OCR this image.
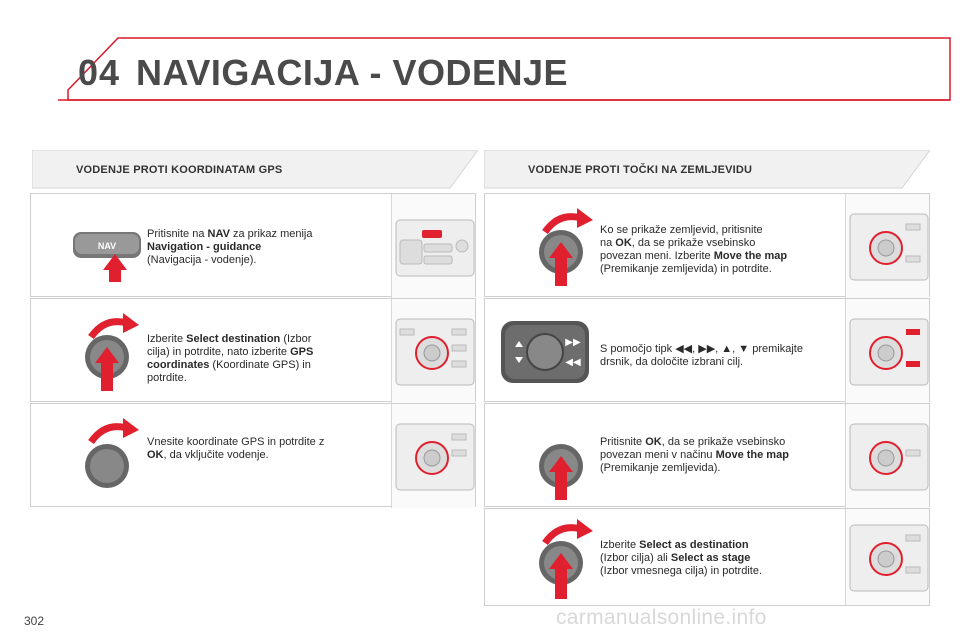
04 NAVIGACIJA - VODENJE
VODENJE PROTI KOORDINATAM GPS	VODENJE PROTI TOČKI NA ZEMLJEVIDU
NAV
Pritisnite na NAV za prikaz menija
Navigation - guidance
(Navigacija - vodenje).
Izberite Select destination (Izbor
cilja) in potrdite, nato izberite GPS
coordinates (Koordinate GPS) in
potrdite.
Vnesite koordinate GPS in potrdite z
OK, da vključite vodenje.
Ko se prikaže zemljevid, pritisnite
na OK, da se prikaže vsebinsko
povezan meni. Izberite Move the map
(Premikanje zemljevida) in potrdite.
▶▶
◀◀
S pomočjo tipk ◀◀, ▶▶, ▲, ▼ premikajte
drsnik, da določite izbrani cilj.
Pritisnite OK, da se prikaže vsebinsko
povezan meni v načinu Move the map
(Premikanje zemljevida).
Izberite Select as destination
(Izbor cilja) ali Select as stage
(Izbor vmesnega cilja) in potrdite.
302	carmanualsonline.info
